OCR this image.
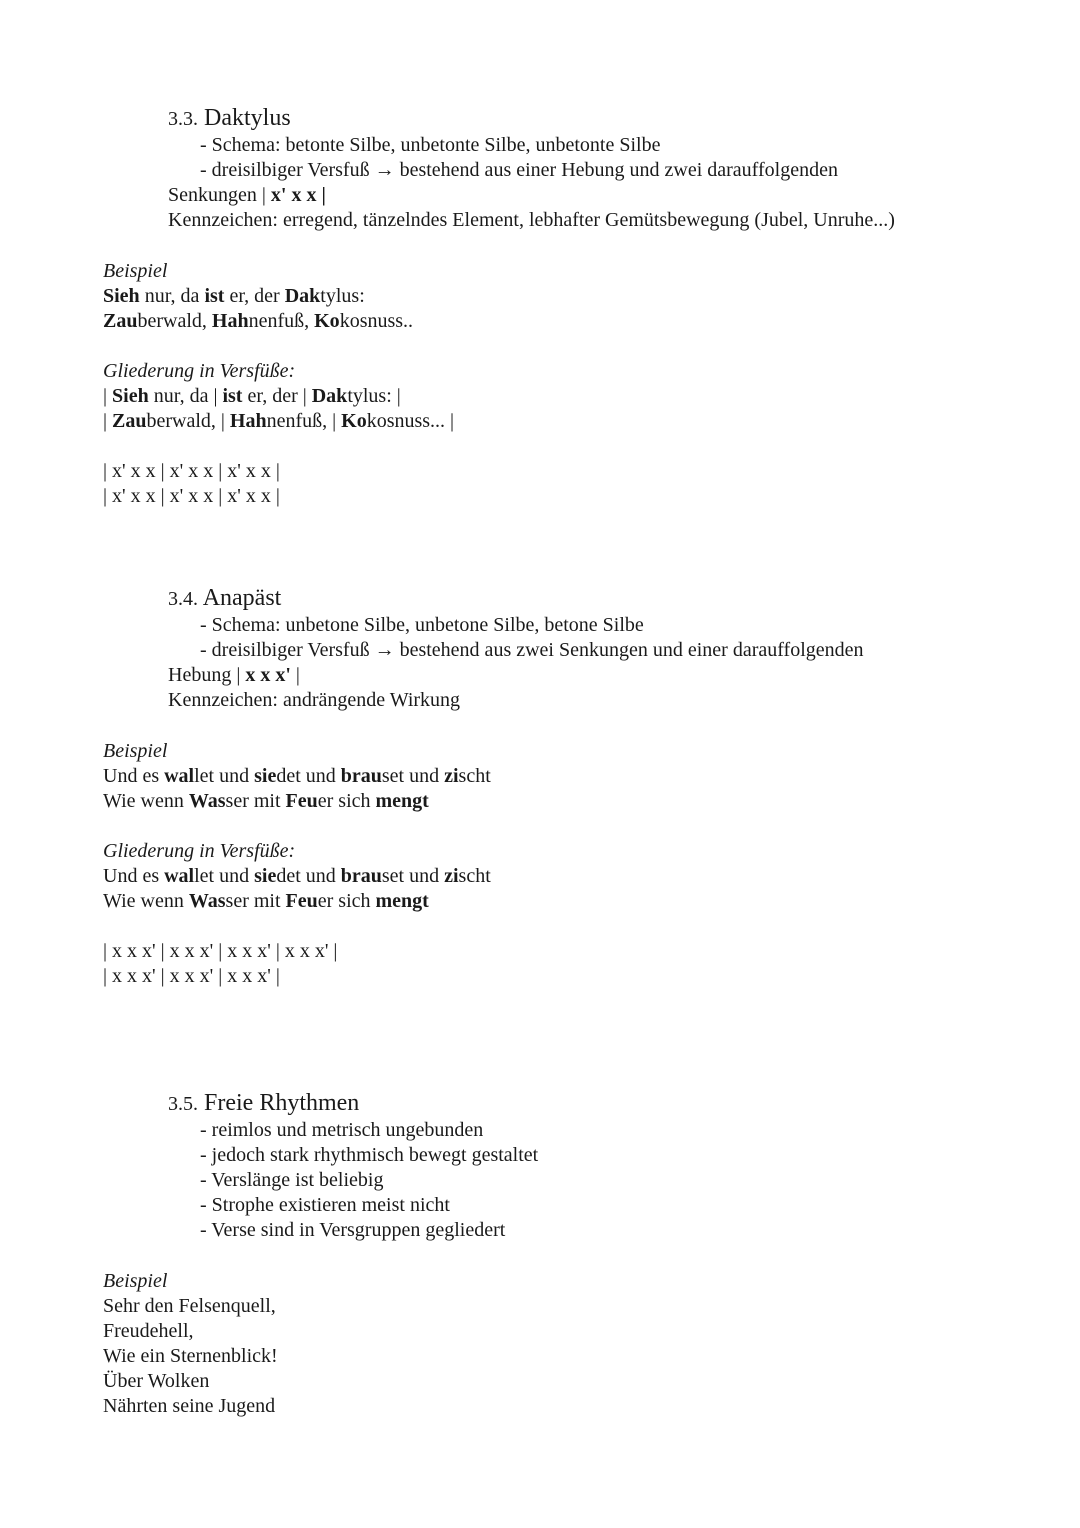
3.3. Daktylus
- Schema: betonte Silbe, unbetonte Silbe, unbetonte Silbe
- dreisilbiger Versfuß → bestehend aus einer Hebung und zwei darauffolgenden
Senkungen | x' x x |
Kennzeichen: erregend, tänzelndes Element, lebhafter Gemütsbewegung (Jubel, Unruhe...)
Beispiel
Sieh nur, da ist er, der Daktylus:
Zauberwald, Hahnenfuß, Kokosnuss..
Gliederung in Versfüße:
| Sieh nur, da | ist er, der | Daktylus: |
| Zauberwald, | Hahnenfuß, | Kokosnuss... |
| x' x x | x' x x | x' x x |
| x' x x | x' x x | x' x x |
3.4. Anapäst
- Schema: unbetone Silbe, unbetone Silbe, betone Silbe
- dreisilbiger Versfuß → bestehend aus zwei Senkungen und einer darauffolgenden
Hebung | x x x' |
Kennzeichen: andrängende Wirkung
Beispiel
Und es wallet und siedet und brauset und zischt
Wie wenn Wasser mit Feuer sich mengt
Gliederung in Versfüße:
Und es wallet und siedet und brauset und zischt
Wie wenn Wasser mit Feuer sich mengt
| x x x' | x x x' | x x x' | x x x' |
| x x x' | x x x' | x x x' |
3.5. Freie Rhythmen
- reimlos und metrisch ungebunden
- jedoch stark rhythmisch bewegt gestaltet
- Verslänge ist beliebig
- Strophe existieren meist nicht
- Verse sind in Versgruppen gegliedert
Beispiel
Sehr den Felsenquell,
Freudehell,
Wie ein Sternenblick!
Über Wolken
Nährten seine Jugend
